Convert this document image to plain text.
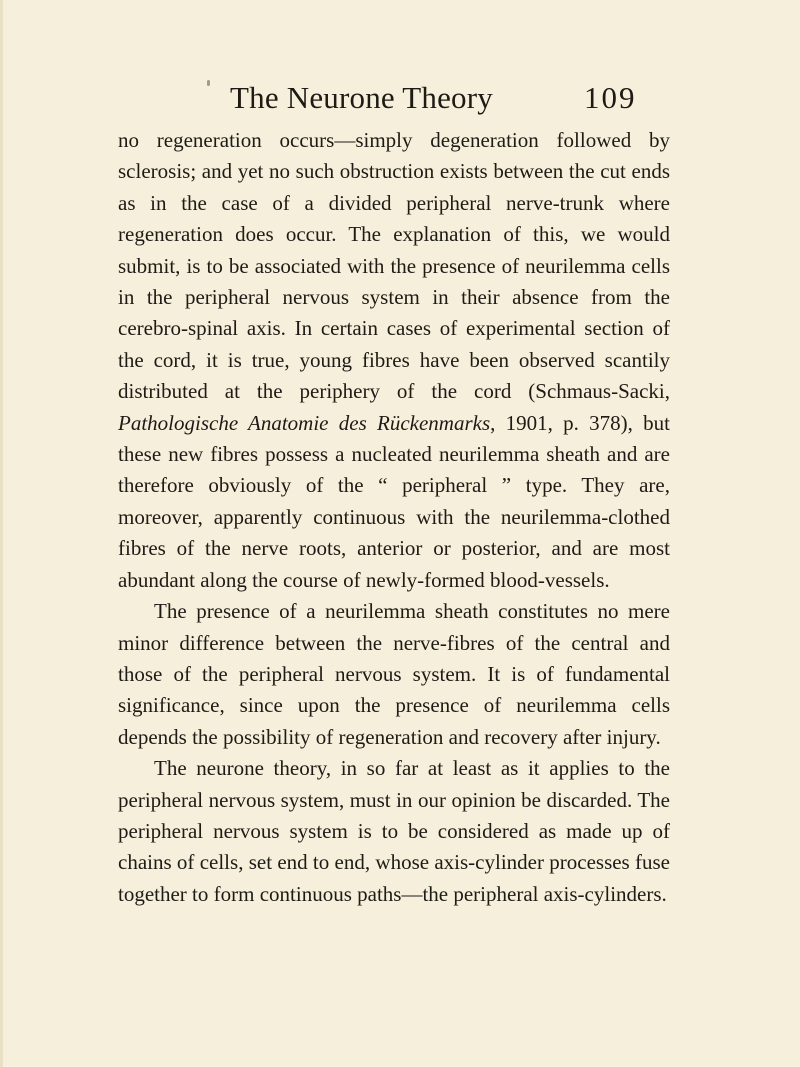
The Neurone Theory	109

no regeneration occurs—simply degeneration followed by sclerosis; and yet no such obstruction exists between the cut ends as in the case of a divided peripheral nerve-trunk where regeneration does occur. The explanation of this, we would submit, is to be associated with the presence of neurilemma cells in the peripheral nervous system in their absence from the cerebro-spinal axis. In certain cases of experimental section of the cord, it is true, young fibres have been observed scantily distributed at the periphery of the cord (Schmaus-Sacki, Pathologische Anatomie des Rückenmarks, 1901, p. 378), but these new fibres possess a nucleated neurilemma sheath and are therefore obviously of the “ peripheral ” type. They are, moreover, apparently continuous with the neurilemma-clothed fibres of the nerve roots, anterior or posterior, and are most abundant along the course of newly-formed blood-vessels.

The presence of a neurilemma sheath constitutes no mere minor difference between the nerve-fibres of the central and those of the peripheral nervous system. It is of fundamental significance, since upon the presence of neurilemma cells depends the possibility of regeneration and recovery after injury.

The neurone theory, in so far at least as it applies to the peripheral nervous system, must in our opinion be discarded. The peripheral nervous system is to be considered as made up of chains of cells, set end to end, whose axis-cylinder processes fuse together to form continuous paths—the peripheral axis-cylinders.
